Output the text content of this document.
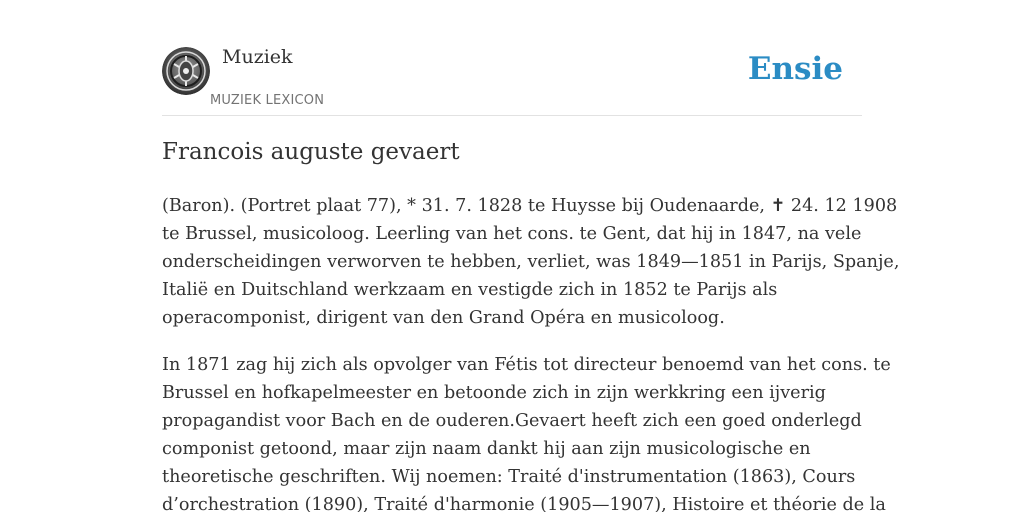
Muziek
MUZIEK LEXICON
Ensie
Francois auguste gevaert

(Baron). (Portret plaat 77), * 31. 7. 1828 te Huysse bij Oudenaarde, ✝ 24. 12 1908
te Brussel, musicoloog. Leerling van het cons. te Gent, dat hij in 1847, na vele
onderscheidingen verworven te hebben, verliet, was 1849—1851 in Parijs, Spanje,
Italië en Duitschland werkzaam en vestigde zich in 1852 te Parijs als
operacomponist, dirigent van den Grand Opéra en musicoloog.

In 1871 zag hij zich als opvolger van Fétis tot directeur benoemd van het cons. te
Brussel en hofkapelmeester en betoonde zich in zijn werkkring een ijverig
propagandist voor Bach en de ouderen.Gevaert heeft zich een goed onderlegd
componist getoond, maar zijn naam dankt hij aan zijn musicologische en
theoretische geschriften. Wij noemen: Traité d'instrumentation (1863), Cours
d’orchestration (1890), Traité d'harmonie (1905—1907), Histoire et théorie de la
